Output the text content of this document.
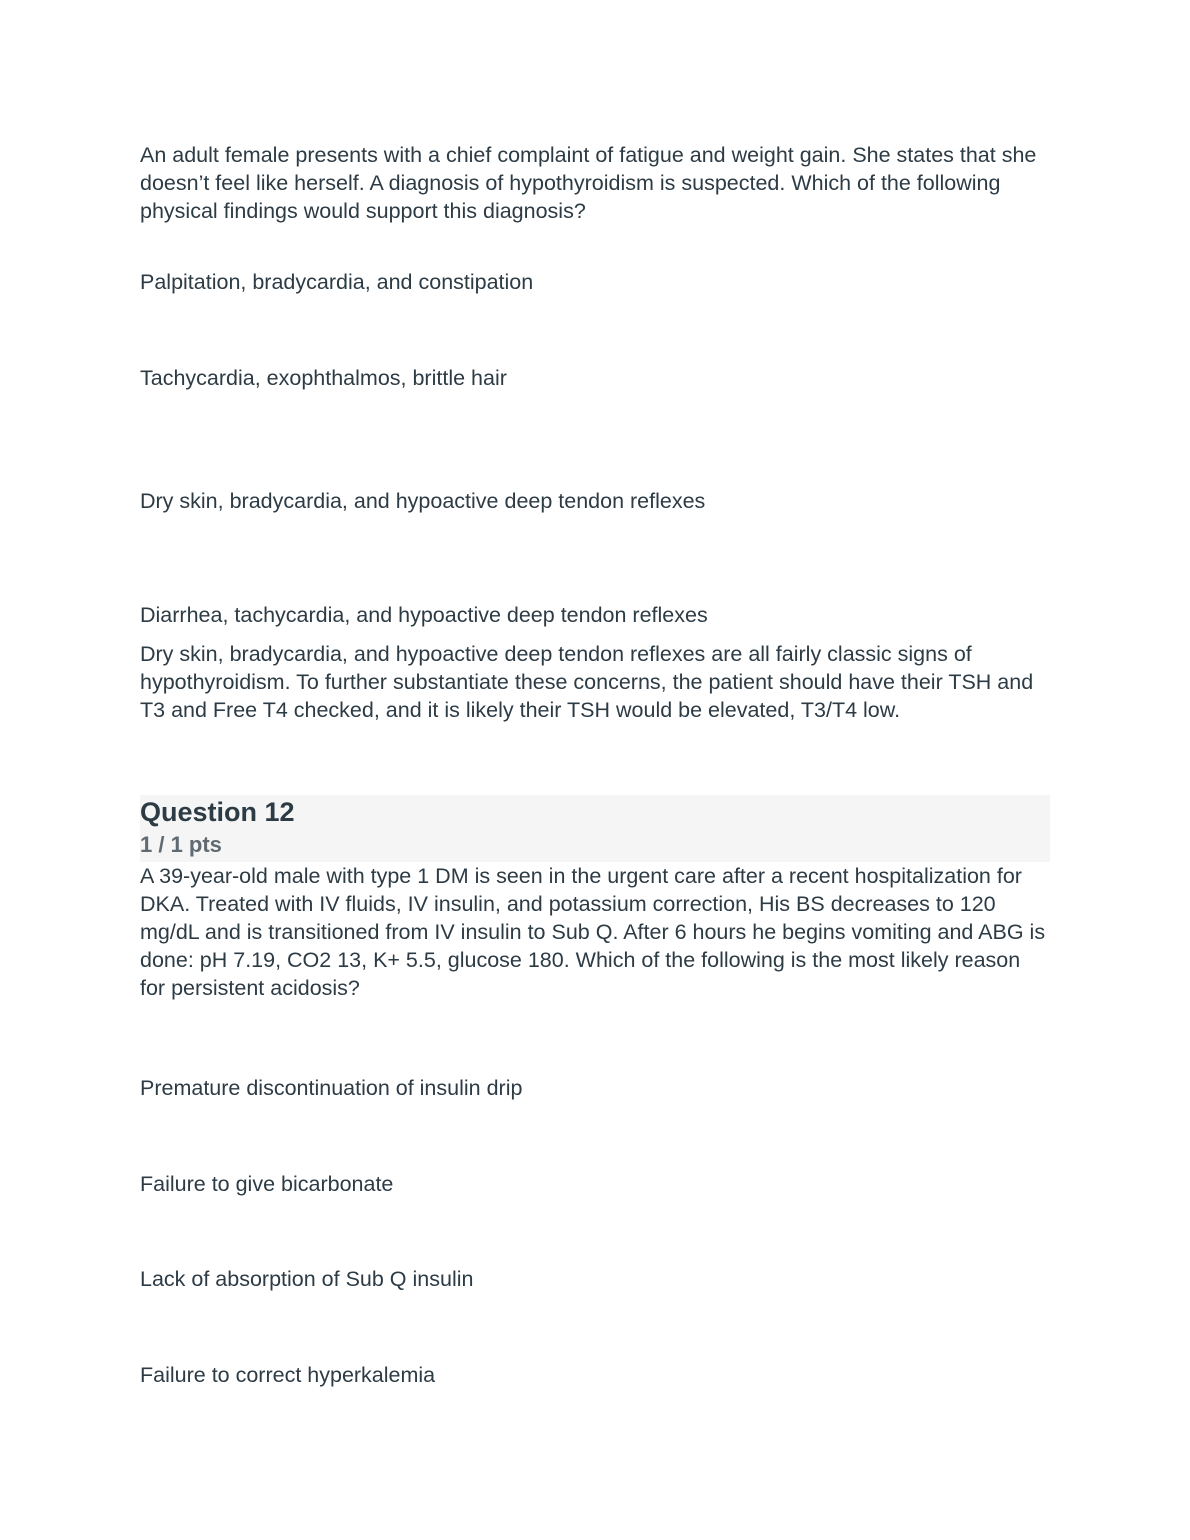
An adult female presents with a chief complaint of fatigue and weight gain. She states that she doesn’t feel like herself. A diagnosis of hypothyroidism is suspected. Which of the following physical findings would support this diagnosis?

Palpitation, bradycardia, and constipation

Tachycardia, exophthalmos, brittle hair

Dry skin, bradycardia, and hypoactive deep tendon reflexes

Diarrhea, tachycardia, and hypoactive deep tendon reflexes

Dry skin, bradycardia, and hypoactive deep tendon reflexes are all fairly classic signs of hypothyroidism. To further substantiate these concerns, the patient should have their TSH and T3 and Free T4 checked, and it is likely their TSH would be elevated, T3/T4 low.

Question 12
1 / 1 pts

A 39-year-old male with type 1 DM is seen in the urgent care after a recent hospitalization for DKA. Treated with IV fluids, IV insulin, and potassium correction, His BS decreases to 120 mg/dL and is transitioned from IV insulin to Sub Q. After 6 hours he begins vomiting and ABG is done: pH 7.19, CO2 13, K+ 5.5, glucose 180. Which of the following is the most likely reason for persistent acidosis?

Premature discontinuation of insulin drip

Failure to give bicarbonate

Lack of absorption of Sub Q insulin

Failure to correct hyperkalemia
